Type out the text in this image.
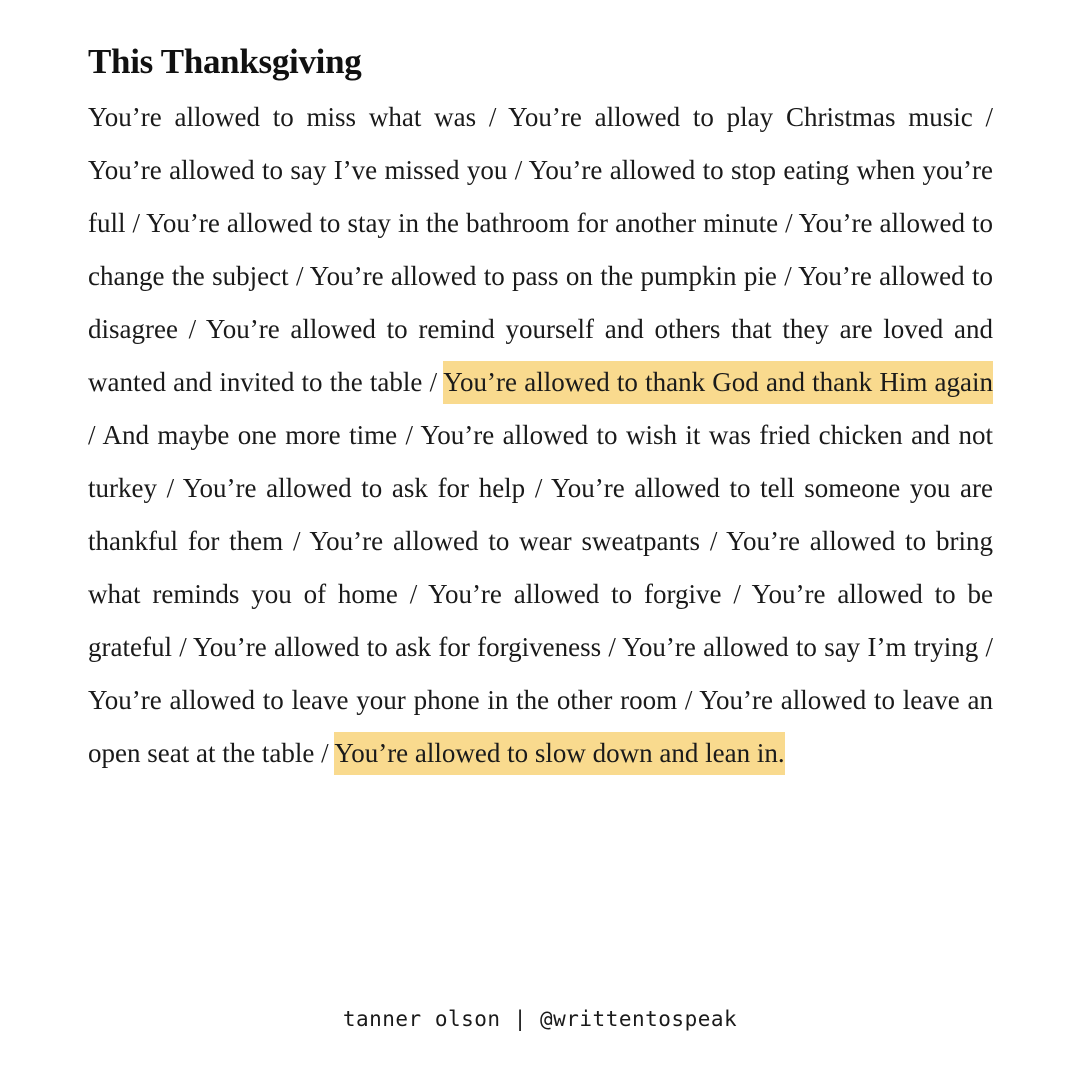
This Thanksgiving

You’re allowed to miss what was / You’re allowed to play Christmas music / You’re allowed to say I’ve missed you / You’re allowed to stop eating when you’re full / You’re allowed to stay in the bathroom for another minute / You’re allowed to change the subject / You’re allowed to pass on the pumpkin pie / You’re allowed to disagree / You’re allowed to remind yourself and others that they are loved and wanted and invited to the table / You’re allowed to thank God and thank Him again / And maybe one more time / You’re allowed to wish it was fried chicken and not turkey / You’re allowed to ask for help / You’re allowed to tell someone you are thankful for them / You’re allowed to wear sweatpants / You’re allowed to bring what reminds you of home / You’re allowed to forgive / You’re allowed to be grateful / You’re allowed to ask for forgiveness / You’re allowed to say I’m trying / You’re allowed to leave your phone in the other room / You’re allowed to leave an open seat at the table / You’re allowed to slow down and lean in.

tanner olson | @writtentospeak
